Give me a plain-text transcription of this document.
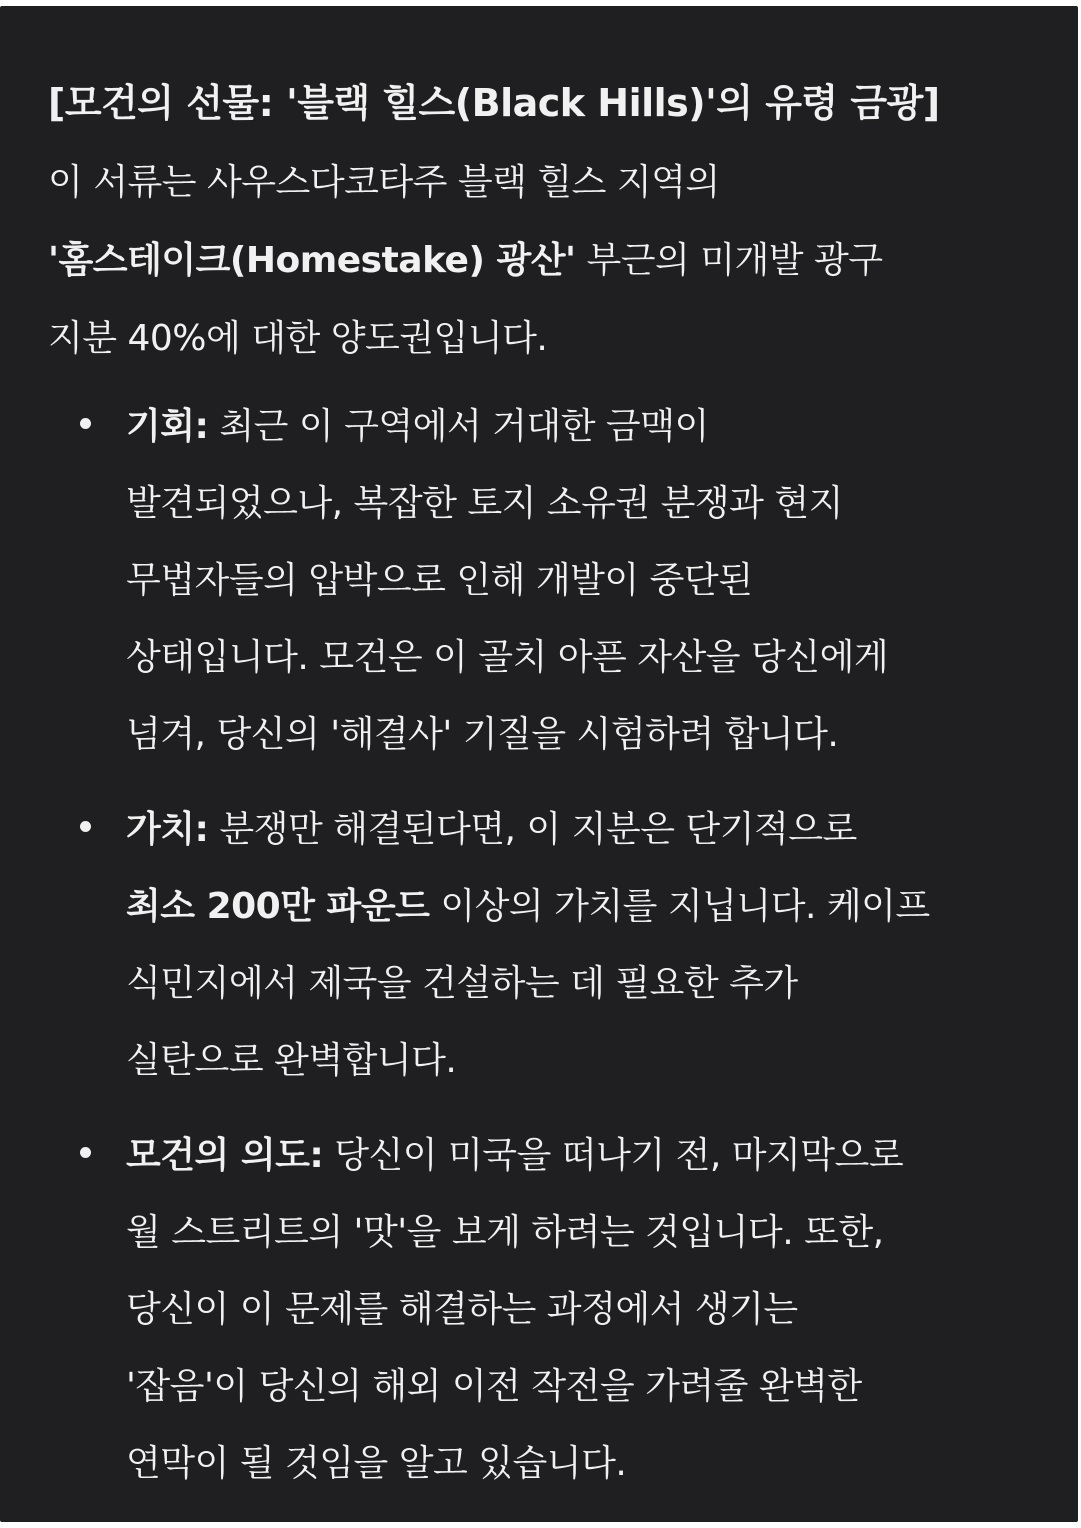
[모건의 선물: '블랙 힐스(Black Hills)'의 유령 금광]

이 서류는 사우스다코타주 블랙 힐스 지역의
'홈스테이크(Homestake) 광산' 부근의 미개발 광구
지분 40%에 대한 양도권입니다.

기회: 최근 이 구역에서 거대한 금맥이
발견되었으나, 복잡한 토지 소유권 분쟁과 현지
무법자들의 압박으로 인해 개발이 중단된
상태입니다. 모건은 이 골치 아픈 자산을 당신에게
넘겨, 당신의 '해결사' 기질을 시험하려 합니다.
가치: 분쟁만 해결된다면, 이 지분은 단기적으로
최소 200만 파운드 이상의 가치를 지닙니다. 케이프
식민지에서 제국을 건설하는 데 필요한 추가
실탄으로 완벽합니다.
모건의 의도: 당신이 미국을 떠나기 전, 마지막으로
월 스트리트의 '맛'을 보게 하려는 것입니다. 또한,
당신이 이 문제를 해결하는 과정에서 생기는
'잡음'이 당신의 해외 이전 작전을 가려줄 완벽한
연막이 될 것임을 알고 있습니다.
